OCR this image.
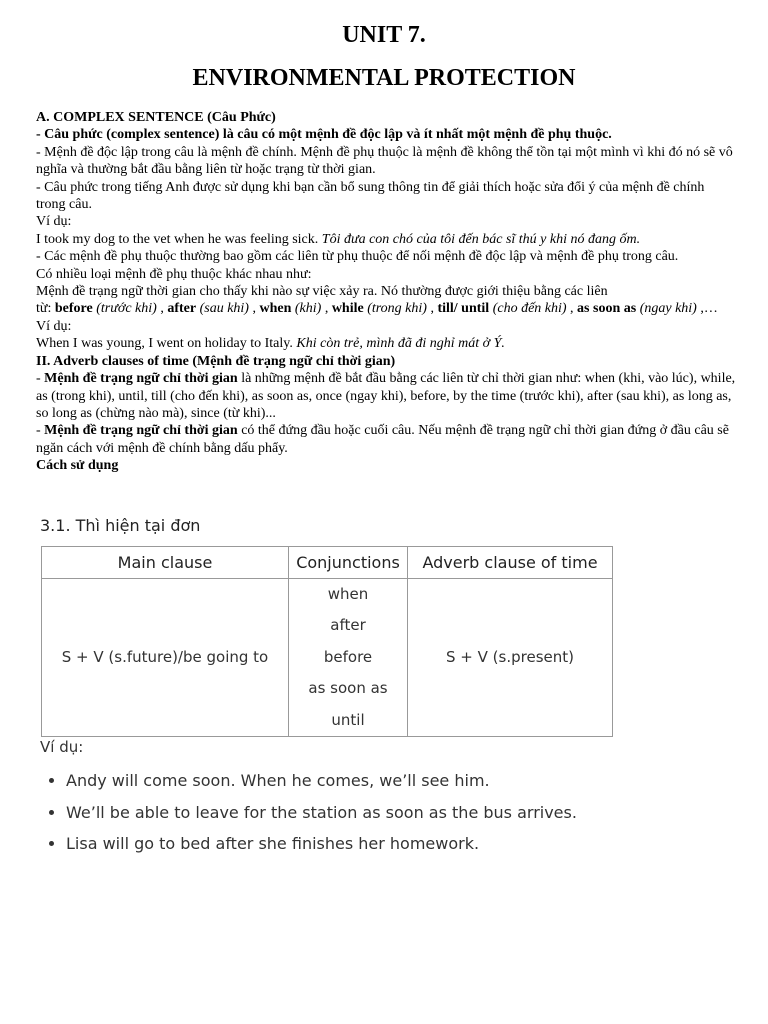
UNIT 7.
ENVIRONMENTAL PROTECTION

A. COMPLEX SENTENCE (Câu Phức)

- Câu phức (complex sentence) là câu có một mệnh đề độc lập và ít nhất một mệnh đề phụ thuộc.

- Mệnh đề độc lập trong câu là mệnh đề chính. Mệnh đề phụ thuộc là mệnh đề không thể tồn tại một mình vì khi đó nó sẽ vô nghĩa và thường bắt đầu bằng liên từ hoặc trạng từ thời gian.

- Câu phức trong tiếng Anh được sử dụng khi bạn cần bổ sung thông tin để giải thích hoặc sửa đổi ý của mệnh đề chính trong câu.

Ví dụ:

I took my dog to the vet when he was feeling sick. Tôi đưa con chó của tôi đến bác sĩ thú y khi nó đang ốm.

- Các mệnh đề phụ thuộc thường bao gồm các liên từ phụ thuộc để nối mệnh đề độc lập và mệnh đề phụ trong câu.

Có nhiều loại mệnh đề phụ thuộc khác nhau như:

Mệnh đề trạng ngữ thời gian cho thấy khi nào sự việc xảy ra. Nó thường được giới thiệu bằng các liên

từ: before (trước khi) , after (sau khi) , when (khi) , while (trong khi) , till/ until (cho đến khi) , as soon as (ngay khi) ,…

Ví dụ:

When I was young, I went on holiday to Italy. Khi còn trẻ, mình đã đi nghỉ mát ở Ý.

II. Adverb clauses of time (Mệnh đề trạng ngữ chỉ thời gian)

- Mệnh đề trạng ngữ chỉ thời gian là những mệnh đề bắt đầu bằng các liên từ chỉ thời gian như: when (khi, vào lúc), while, as (trong khi), until, till (cho đến khi), as soon as, once (ngay khi), before, by the time (trước khi), after (sau khi), as long as, so long as (chừng nào mà), since (từ khi)...

- Mệnh đề trạng ngữ chỉ thời gian có thể đứng đầu hoặc cuối câu. Nếu mệnh đề trạng ngữ chỉ thời gian đứng ở đầu câu sẽ ngăn cách với mệnh đề chính bằng dấu phẩy.

Cách sử dụng

3.1. Thì hiện tại đơn
Main clause	Conjunctions	Adverb clause of time
S + V (s.future)/be going to	when
after
before
as soon as
until	S + V (s.present)
Ví dụ:
• Andy will come soon. When he comes, we’ll see him.
• We’ll be able to leave for the station as soon as the bus arrives.
• Lisa will go to bed after she finishes her homework.
